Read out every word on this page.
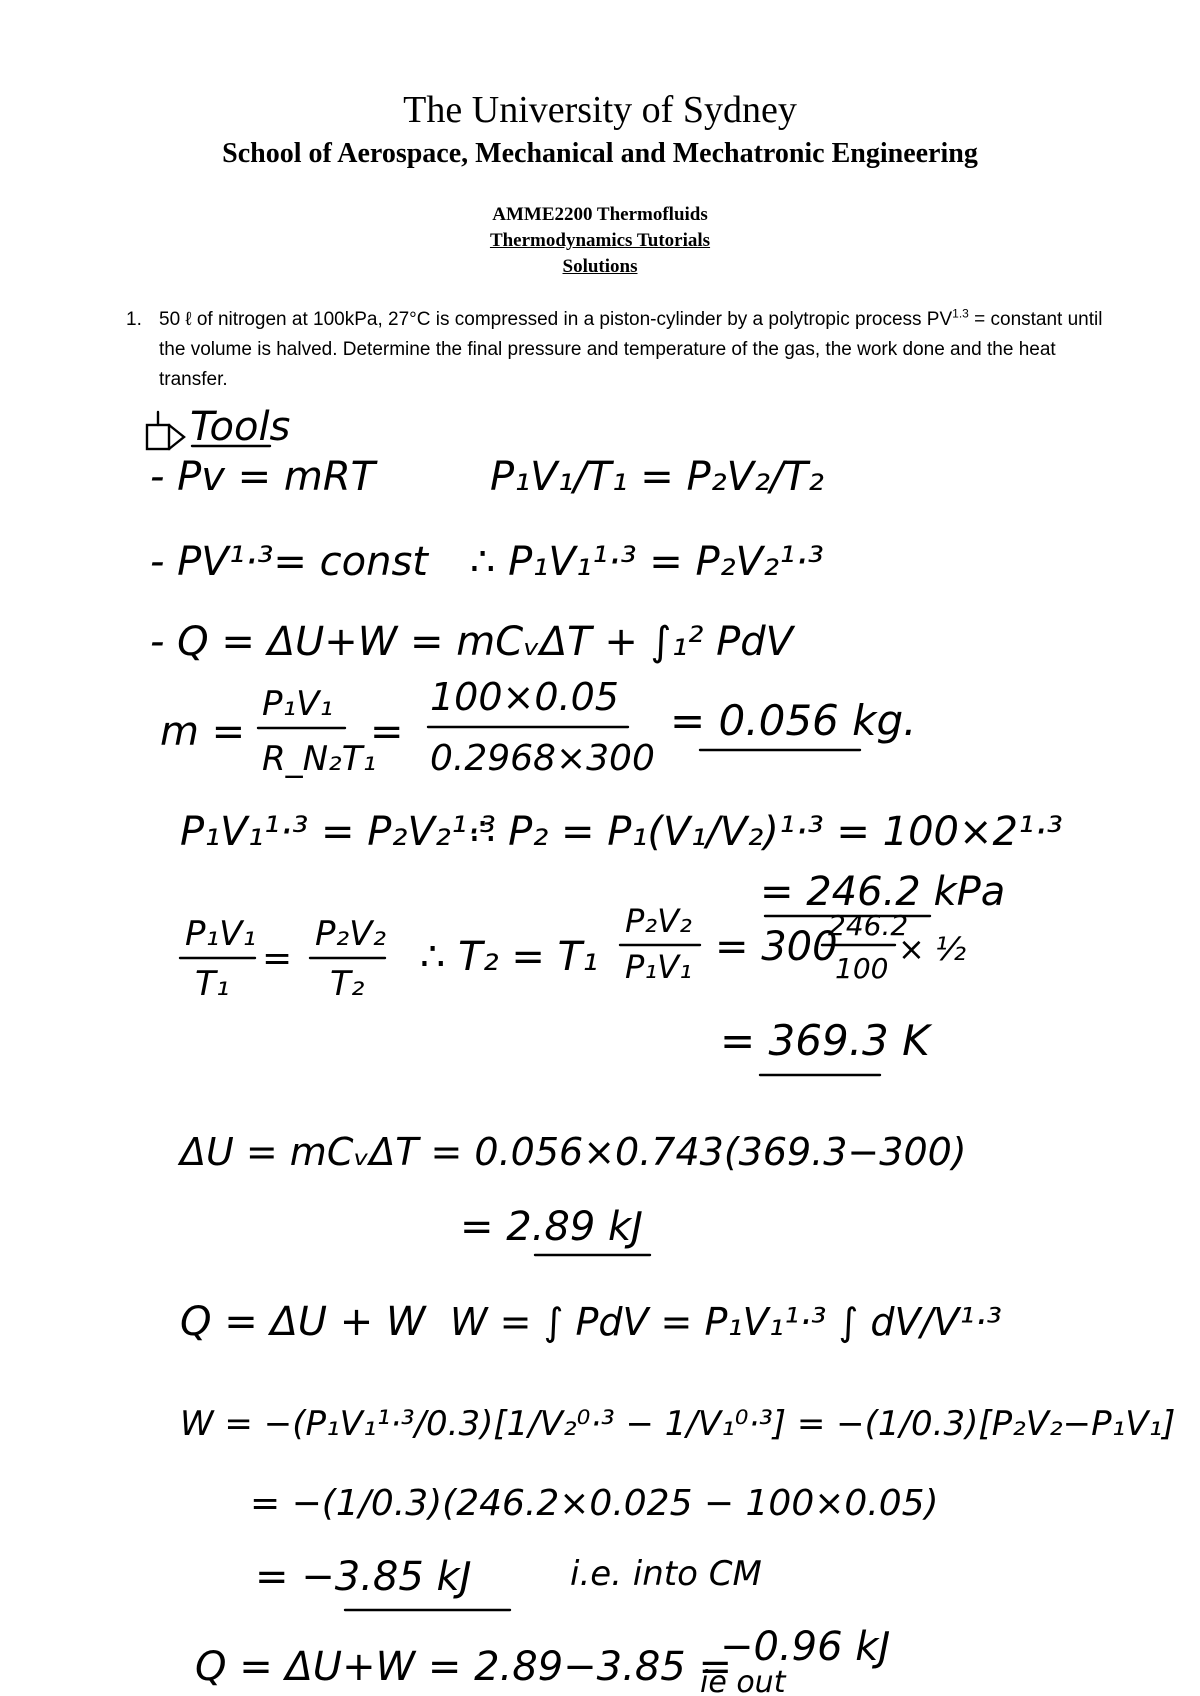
The University of Sydney
School of Aerospace, Mechanical and Mechatronic Engineering
AMME2200 Thermofluids
Thermodynamics Tutorials
Solutions
1. 50 ℓ of nitrogen at 100kPa, 27°C is compressed in a piston-cylinder by a polytropic process $PV^{1.3}$ = constant until the volume is halved. Determine the final pressure and temperature of the gas, the work done and the heat transfer.
Tools
- Pv = mRT	P₁V₁/T₁ = P₂V₂/T₂
- PV¹·³= const ∴ P₁V₁¹·³ = P₂V₂¹·³
- Q = ΔU+W = mCᵥΔT + ∫₁² PdV
m =
P₁V₁
R_N₂T₁
=
100×0.05
0.2968×300
= 0.056 kg.
P₁V₁¹·³ = P₂V₂¹·³
∴ P₂ = P₁(V₁/V₂)¹·³ = 100×2¹·³
= 246.2 kPa
P₁V₁
T₁
=
P₂V₂
T₂
∴ T₂ = T₁
P₂V₂
P₁V₁ = 300
246.2
100
× ½
= 369.3 K
ΔU = mCᵥΔT = 0.056×0.743(369.3−300)
= 2.89 kJ
Q = ΔU + W W = ∫ PdV = P₁V₁¹·³ ∫ dV/V¹·³
W = −(P₁V₁¹·³/0.3)[1/V₂⁰·³ − 1/V₁⁰·³] = −(1/0.3)[P₂V₂−P₁V₁]
= −(1/0.3)(246.2×0.025 − 100×0.05)
= −3.85 kJ	i.e. into CM
Q = ΔU+W = 2.89−3.85 =
−0.96 kJ
ie out
